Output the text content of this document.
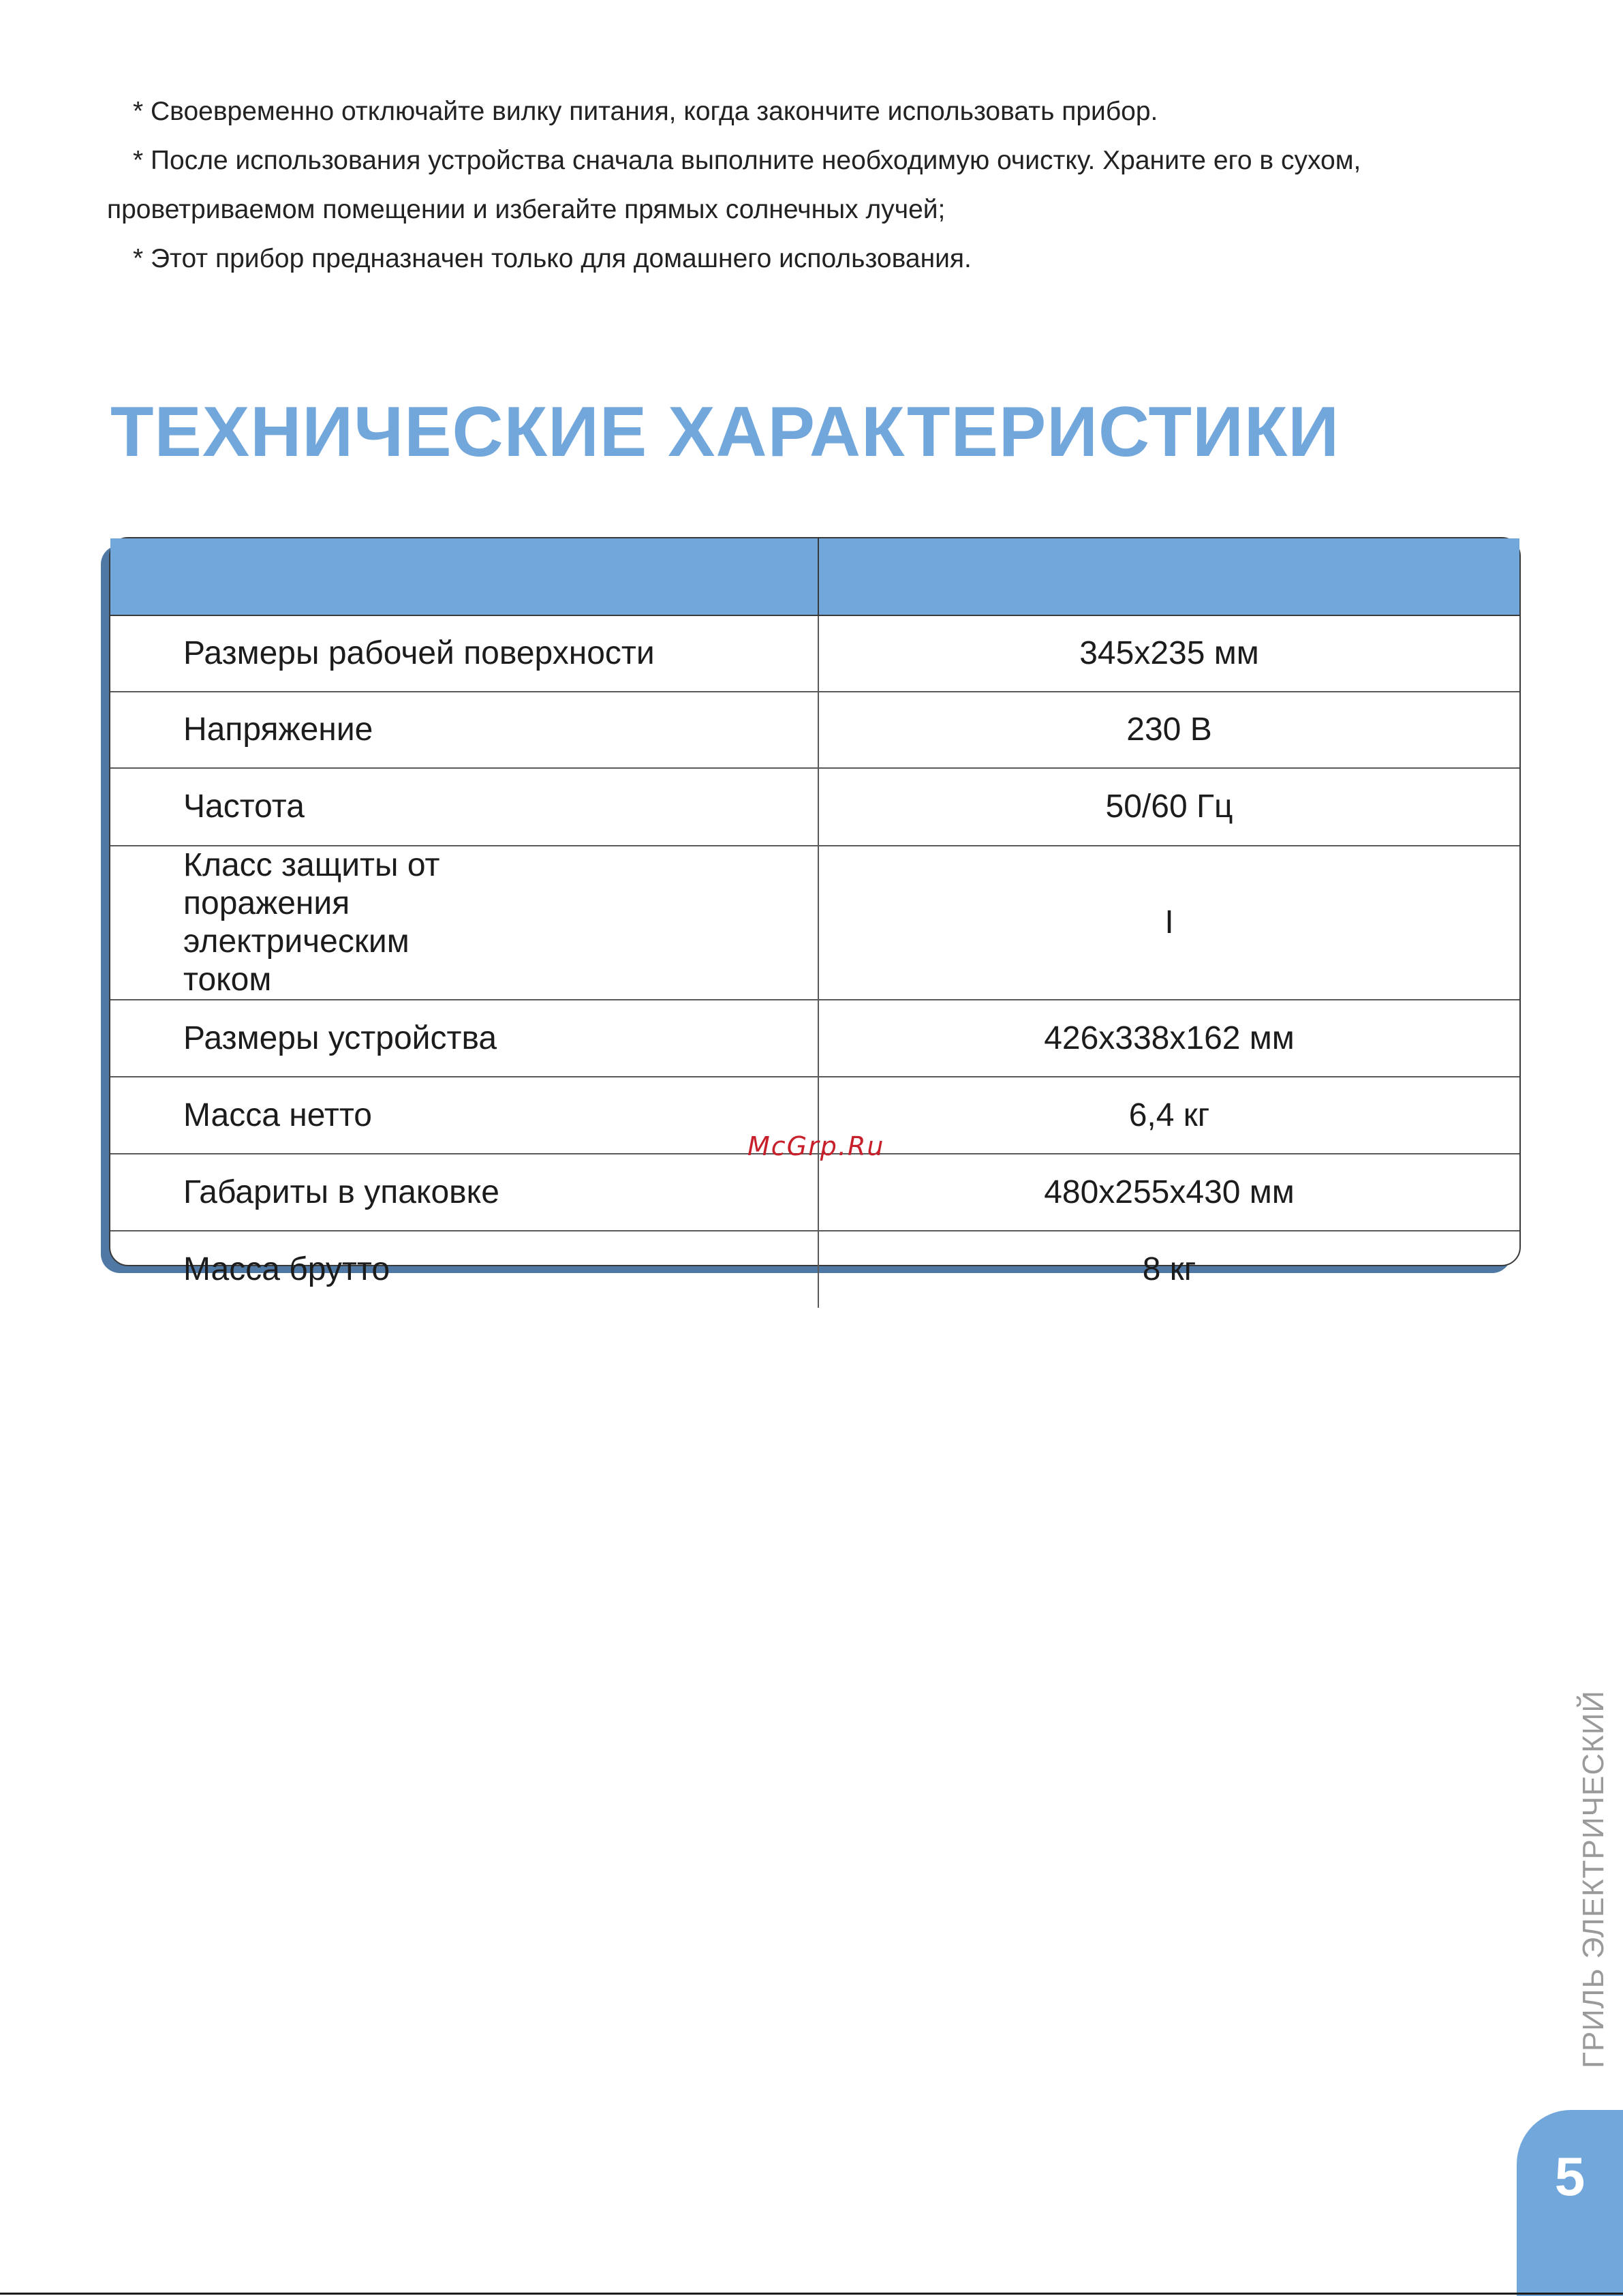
* Своевременно отключайте вилку питания, когда закончите использовать прибор.

* После использования устройства сначала выполните необходимую очистку. Храните его в сухом, проветриваемом помещении и избегайте прямых солнечных лучей;

* Этот прибор предназначен только для домашнего использования.

ТЕХНИЧЕСКИЕ ХАРАКТЕРИСТИКИ

Размеры рабочей поверхности	345x235 мм
Напряжение	230 В
Частота	50/60 Гц
Класс защиты от поражения электрическим током	I
Размеры устройства	426x338x162 мм
Масса нетто	6,4 кг
Габариты в упаковке	480x255x430 мм
Масса брутто	8 кг
McGrp.Ru
ГРИЛЬ ЭЛЕКТРИЧЕСКИЙ
5
